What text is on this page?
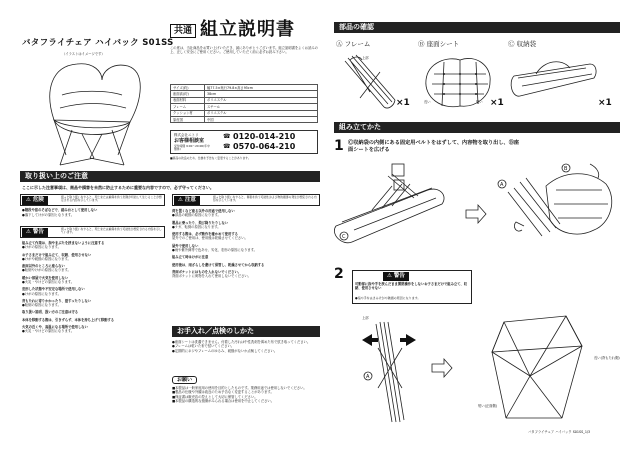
バタフライチェア ハイバック S01SS
（イラストはイメージです）
共通 組立説明書
この度は、当社商品をお買い上げいただき、誠にありがとうございます。組立説明書をよくお読みの上、正しく安全にご使用ください。ご使用していただく前に必ずお読み下さい。
サイズ(約)	幅77.5×奥行79.8×高さ95cm
座面高(約)	38cm
表面材料	ポリエステル
フレーム	スチール
クッション材	ポリエステル
原産国	中国
株式会社ニトリ
お客様相談室
受付時間 9:00〜20:00(年中無休)
☎ 0120-014-210
☎ 0570-064-210
■商品の改良のため、仕様を予告なく変更することがあります。
取り扱い上のご注意
ここに示した注意事項は、商品や損害を未然に防止するために重要な内容ですので、必ず守ってください。
⚠ 危険	誤った取り扱いをすると、死亡または重傷を負う危険が切迫して生じることが想定される内容を示しています。
●階段や窓のそばなどで、踏み台として使用しない
●落下してけがの原因となります。
⚠ 警告	誤った取り扱いをすると、死亡または重傷を負う可能性が想定される内容を示しています。
組み立て作業は、指やまぶたを挟まないように注意する
●けがの原因になります。
お子さまだけで組み立て、収納、使用させない
●けがや破損の原因になります。
座面以外のところに座らない
●転倒やけがの原因になります。
暖かい部屋で火気を使用しない
●火災・やけどの原因になります。
変形した状態や不安定な場所で使用しない
●けがの原因になります。
背もたれに寄りかかったり、揺すったりしない
●転倒の原因になります。
取り扱い説明、扱い方のご注意は守る
本体を移動する際は、引きずらず、本体を持ち上げて移動する
火気の近くや、高温になる場所で使用しない
●火災・やけどの原因になります。
⚠ 注意	誤った取り扱いをすると、傷害を負う可能性および物的損害の発生が想定される内容を示しています。
荷を置くなど座る以外の用途で使用しない
●部品の破損の原因になります。
製品に乗ったり、飛び降りたりしない
●ケガ、転倒の原因になります。
使用する際は、必ず動作を確かめて使用する
屋外でのご使用は、使用後は乾燥させてください。
屋外で使用しない
●雨や紫外線等で色あせ、劣化、変形の原因になります。
組み立て時はけがに注意
使用後は、雨ざらしを避けて保管し、乾燥させてから収納する
背面ポケットにはものを入れないでください。
背面ポケットに荷物を入れて使用しないでください。
お手入れ／点検のしかた
●座面シートは洗濯できません。付着した汚れは中性洗剤を薄めた布で拭き取ってください。
●フレームは乾いた布で拭いてください。
●定期的にネジやフレームのゆるみ、破損がないか点検してください。
お願い
■本製品は一般家庭用の使用を目的としたものです。業務用途では使用しないでください。
■製品の仕様や外観は改良のため予告なく変更することがあります。
■保証書は販売店の控えとして大切に保管してください。
■本製品の構造的な損傷がみられる場合は使用を中止してください。
部品の確認
Ⓐ フレーム	Ⓑ 座面シート	Ⓒ 収納袋
上部
×1	長い	短い ×1	×1
組み立てかた
1 Ⓒ収納袋の内側にある固定用ベルトをはずして、内容物を取り出し、Ⓑ座面シートを広げる
C
A
B
2	⚠ 警告
可動部に指や手を挟んだまま開閉操作をしないお子さまだけで組み立て、収納、使用させない
●指や手をはさみけがや破損の原因になります。
A
上部
短い(正面側)
長い(背もたれ側)
バタフライチェア ハイバック S01SS_1/3
